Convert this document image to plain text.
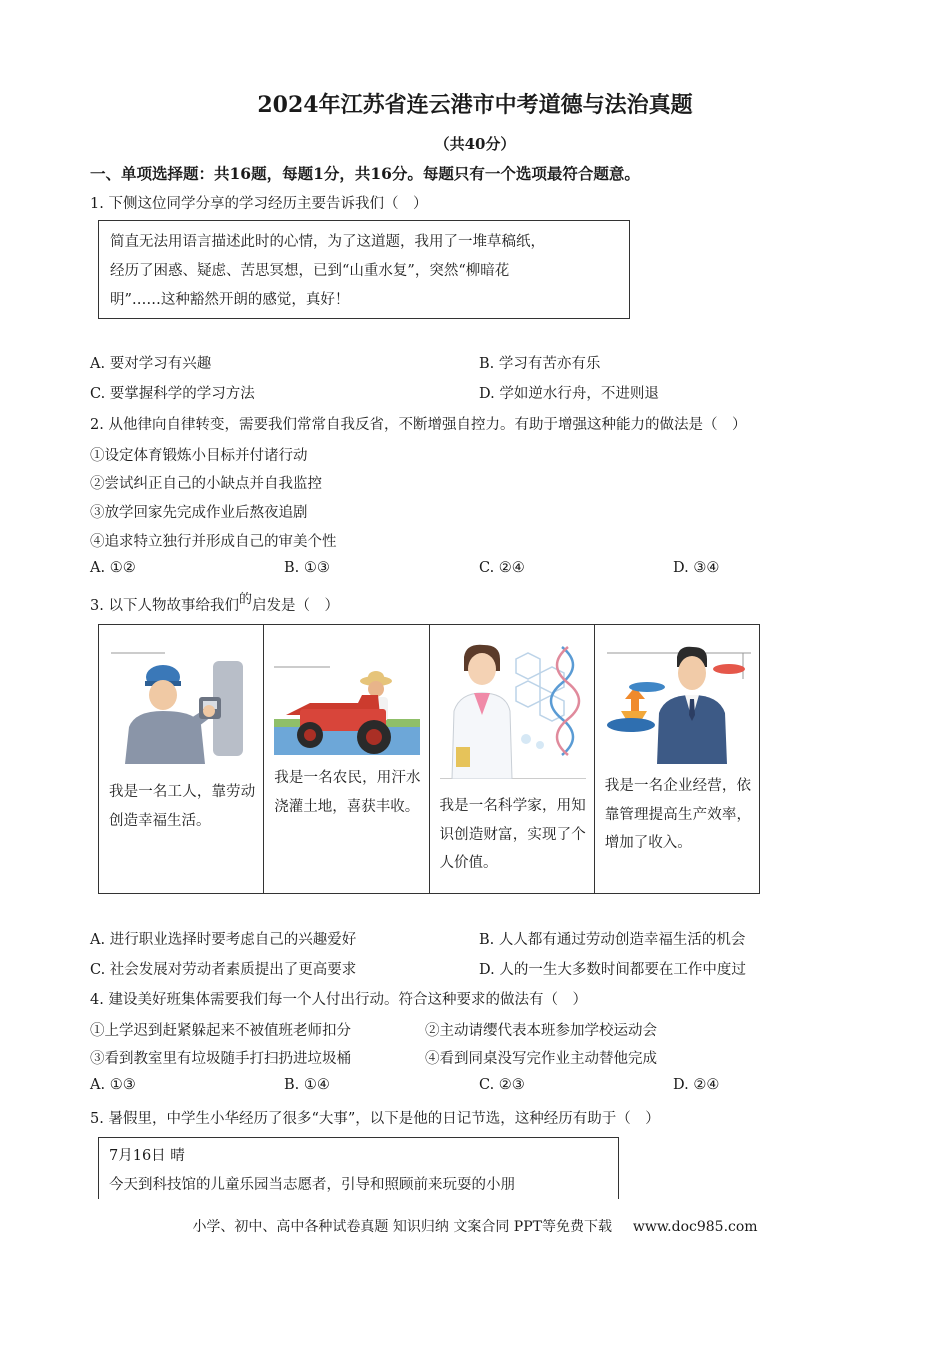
2024年江苏省连云港市中考道德与法治真题
（共40分）
一、单项选择题：共16题，每题1分，共16分。每题只有一个选项最符合题意。
1. 下侧这位同学分享的学习经历主要告诉我们（　）
简直无法用语言描述此时的心情，为了这道题，我用了一堆草稿纸，
经历了困惑、疑虑、苦思冥想，已到“山重水复”，突然“柳暗花
明”……这种豁然开朗的感觉，真好！
A. 要对学习有兴趣	B. 学习有苦亦有乐
C. 要掌握科学的学习方法	D. 学如逆水行舟，不进则退
2. 从他律向自律转变，需要我们常常自我反省，不断增强自控力。有助于增强这种能力的做法是（　）
①设定体育锻炼小目标并付诸行动
②尝试纠正自己的小缺点并自我监控
③放学回家先完成作业后熬夜追剧
④追求特立独行并形成自己的审美个性
A. ①②	B. ①③	C. ②④	D. ③④
3. 以下人物故事给我们的启发是（　）
我是一名工人，靠劳动创造幸福生活。
我是一名农民，用汗水浇灌土地，喜获丰收。 我是一名科学家，用知识创造财富，实现了个人价值。
我是一名企业经营，依靠管理提高生产效率，增加了收入。
A. 进行职业选择时要考虑自己的兴趣爱好	B. 人人都有通过劳动创造幸福生活的机会
C. 社会发展对劳动者素质提出了更高要求	D. 人的一生大多数时间都要在工作中度过
4. 建设美好班集体需要我们每一个人付出行动。符合这种要求的做法有（　）
①上学迟到赶紧躲起来不被值班老师扣分	②主动请缨代表本班参加学校运动会
③看到教室里有垃圾随手打扫扔进垃圾桶	④看到同桌没写完作业主动替他完成
A. ①③	B. ①④	C. ②③	D. ②④
5. 暑假里，中学生小华经历了很多“大事”，以下是他的日记节选，这种经历有助于（　）
7月16日 晴
今天到科技馆的儿童乐园当志愿者，引导和照顾前来玩耍的小朋
小学、初中、高中各种试卷真题 知识归纳 文案合同 PPT等免费下载 www.doc985.com
